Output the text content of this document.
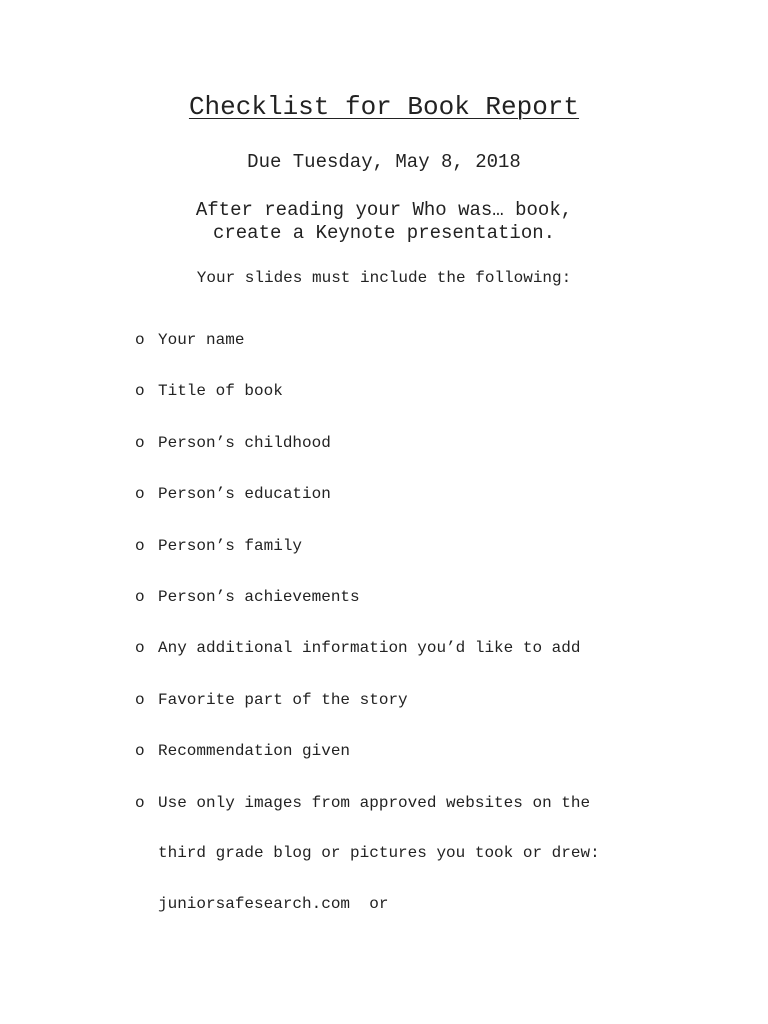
Checklist for Book Report
Due Tuesday, May 8, 2018
After reading your Who was… book,
create a Keynote presentation.
Your slides must include the following:
o Your name
o Title of book
o Person’s childhood
o Person’s education
o Person’s family
o Person’s achievements
o Any additional information you’d like to add
o Favorite part of the story
o Recommendation given
o Use only images from approved websites on the
third grade blog or pictures you took or drew:
juniorsafesearch.com  or
